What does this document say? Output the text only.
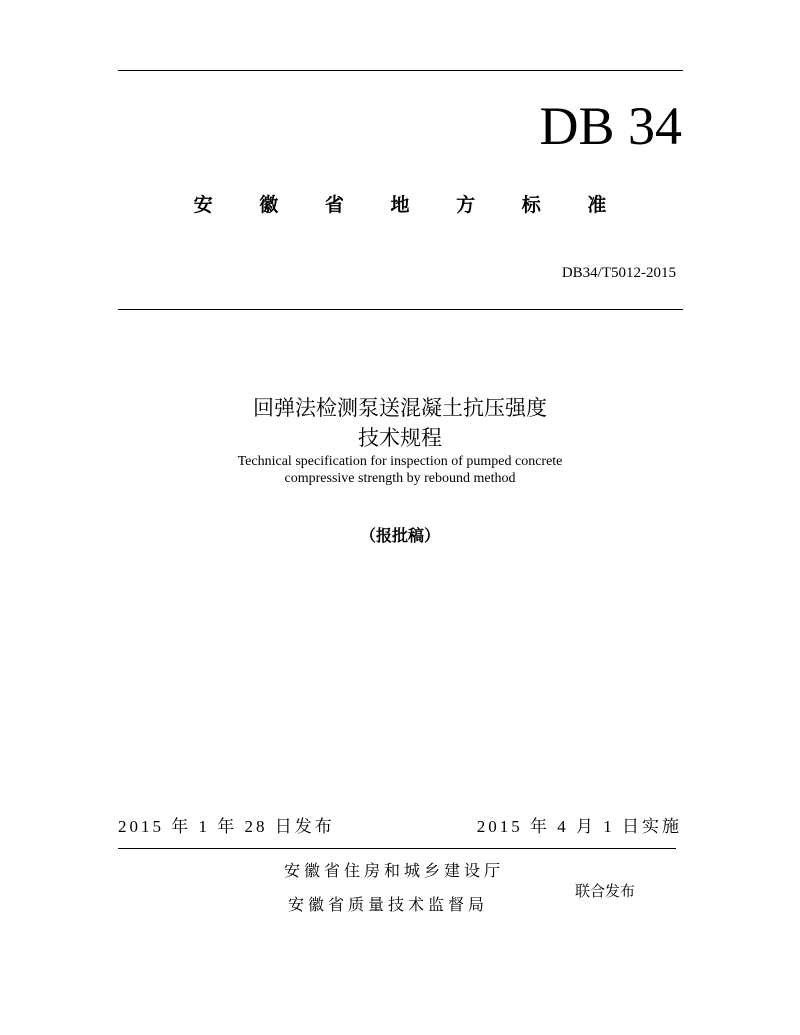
DB 34
安 徽 省 地 方 标 准
DB34/T5012-2015
回弹法检测泵送混凝土抗压强度
技术规程
Technical specification for inspection of pumped concrete
compressive strength by rebound method
（报批稿）
2015 年 1 年 28 日发布	2015 年 4 月 1 日实施
安徽省住房和城乡建设厅
安徽省质量技术监督局
联合发布
